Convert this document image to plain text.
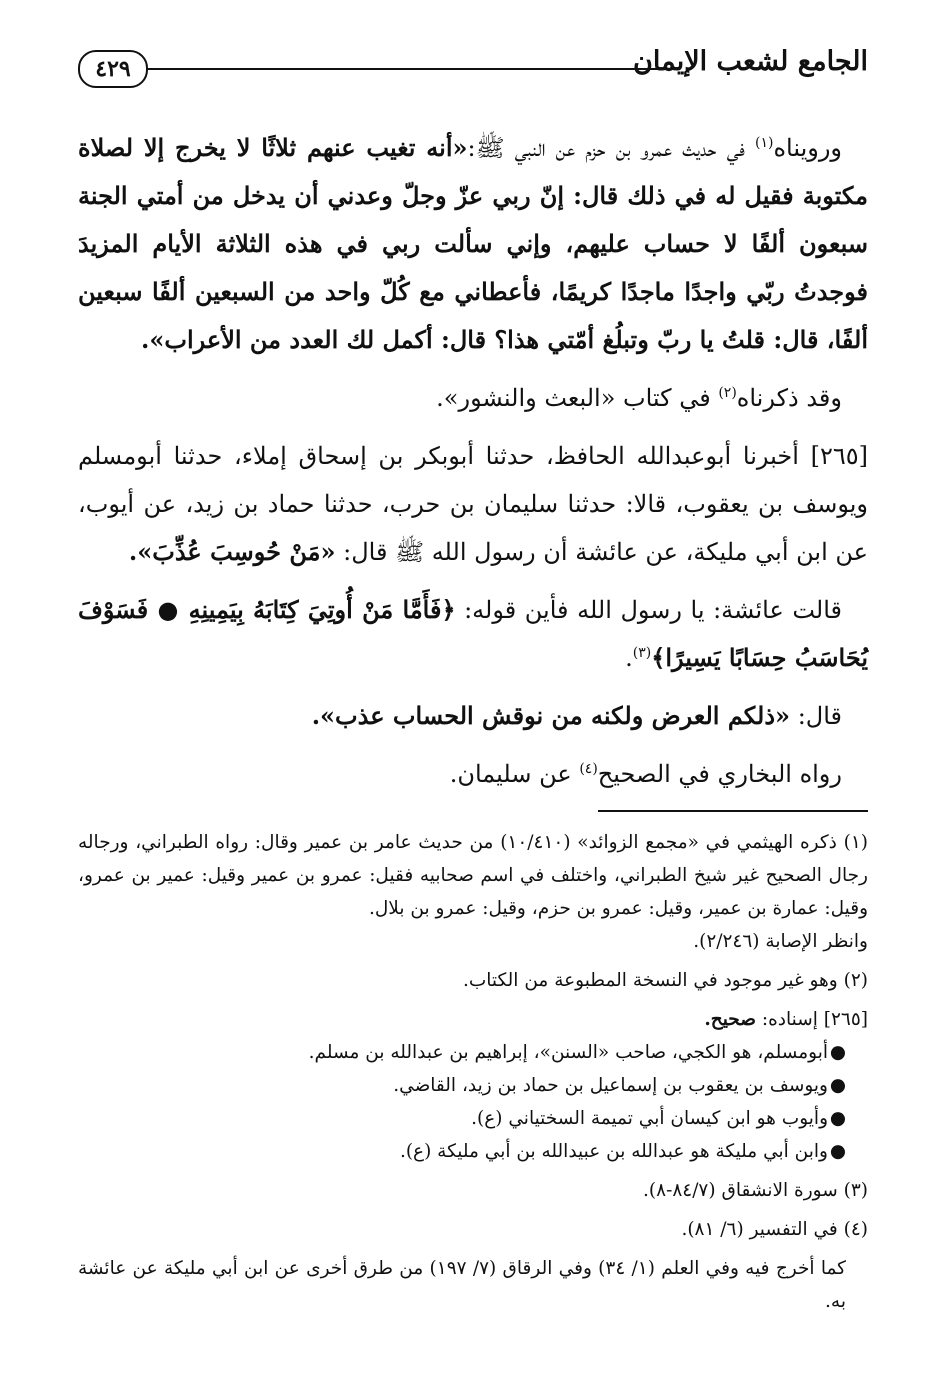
الجامع لشعب الإيمان
٤٢٩

ورويناه$^{(١)}$ في حديث عمرو بن حزم عن النبي ﷺ:«أنه تغيب عنهم ثلاثًا لا يخرج إلا لصلاة مكتوبة فقيل له في ذلك قال: إنّ ربي عزّ وجلّ وعدني أن يدخل من أمتي الجنة سبعون ألفًا لا حساب عليهم، وإني سألت ربي في هذه الثلاثة الأيام المزيدَ فوجدتُ ربّي واجدًا ماجدًا كريمًا، فأعطاني مع كُلّ واحد من السبعين ألفًا سبعين ألفًا، قال: قلتُ يا ربّ وتبلُغ أمّتي هذا؟ قال: أكمل لك العدد من الأعراب».

وقد ذكرناه$^{(٢)}$ في كتاب «البعث والنشور».

[٢٦٥] أخبرنا أبوعبدالله الحافظ، حدثنا أبوبكر بن إسحاق إملاء، حدثنا أبومسلم ويوسف بن يعقوب، قالا: حدثنا سليمان بن حرب، حدثنا حماد بن زيد، عن أيوب، عن ابن أبي مليكة، عن عائشة أن رسول الله ﷺ قال: «مَنْ حُوسِبَ عُذِّبَ».

قالت عائشة: يا رسول الله فأين قوله: ﴿فَأَمَّا مَنْ أُوتِيَ كِتَابَهُ بِيَمِينِهِ ● فَسَوْفَ يُحَاسَبُ حِسَابًا يَسِيرًا﴾$^{(٣)}$.

قال: «ذلكم العرض ولكنه من نوقش الحساب عذب».

رواه البخاري في الصحيح$^{(٤)}$ عن سليمان.

(١) ذكره الهيثمي في «مجمع الزوائد» (١٠/٤١٠) من حديث عامر بن عمير وقال: رواه الطبراني، ورجاله رجال الصحيح غير شيخ الطبراني، واختلف في اسم صحابيه فقيل: عمرو بن عمير وقيل: عمير بن عمرو، وقيل: عمارة بن عمير، وقيل: عمرو بن حزم، وقيل: عمرو بن بلال.
وانظر الإصابة (٢/٢٤٦).

(٢) وهو غير موجود في النسخة المطبوعة من الكتاب.

[٢٦٥] إسناده: صحيح.
●
أبومسلم، هو الكجي، صاحب «السنن»، إبراهيم بن عبدالله بن مسلم.
●
ويوسف بن يعقوب بن إسماعيل بن حماد بن زيد، القاضي.
●
وأيوب هو ابن كيسان أبي تميمة السختياني (ع).
●
وابن أبي مليكة هو عبدالله بن عبيدالله بن أبي مليكة (ع).

(٣) سورة الانشقاق (٨٤/٧-٨).

(٤) في التفسير (٦/ ٨١).

كما أخرج فيه وفي العلم (١/ ٣٤) وفي الرقاق (٧/ ١٩٧) من طرق أخرى عن ابن أبي مليكة عن عائشة به.
